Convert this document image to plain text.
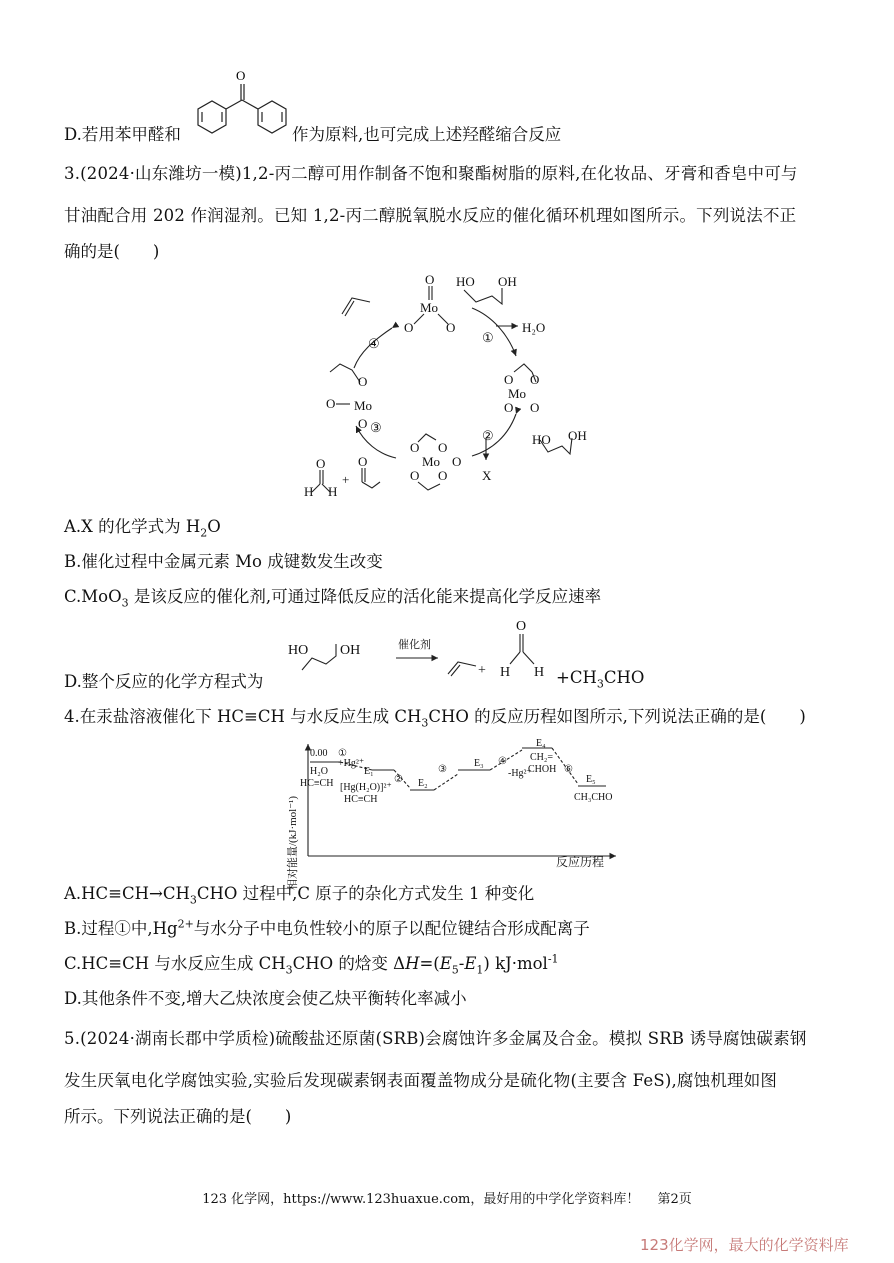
D.若用苯甲醛和
O
作为原料,也可完成上述羟醛缩合反应
3.(2024·山东潍坊一模)1,2-丙二醇可用作制备不饱和聚酯树脂的原料,在化妆品、牙膏和香皂中可与
甘油配合用 202 作润湿剂。已知 1,2-丙二醇脱氧脱水反应的催化循环机理如图所示。下列说法不正
确的是(　　)
O
Mo
O	O
HO OH
H₂O
①
④
②
③
O O
Mo
O O
O
O Mo
O
O O
Mo O
O O	X
HO OH
O
H H
+
O
A.X 的化学式为 $H_2O$
B.催化过程中金属元素 Mo 成键数发生改变
C.MoO$_3$ 是该反应的催化剂,可通过降低反应的活化能来提高化学反应速率
D.整个反应的化学方程式为
HO OH	催化剂
+
O
H $H +CH_3CHO$
4.在汞盐溶液催化下 HC≡CH 与水反应生成 $CH_3CHO$ 的反应历程如图所示,下列说法正确的是(　　)
相对能量/(kJ·mol⁻¹)	反应历程
0.00
H₂O
HC≡CH
①
+Hg²⁺
E₁
[Hg(H₂O)]²⁺
HC≡CH
② E₂
③
E₃ ④
-Hg²⁺
E₄
CH₂=
CHOH ⑤
E₅
CH₃CHO
$A.HC\equiv CH\to CH_3CHO$ 过程中,C 原子的杂化方式发生 1 种变化
B.过程①中$,Hg^{2+}$与水分子中电负性较小的原子以配位键结合形成配离子
C.HC≡CH 与水反应生成 $CH_3CHO$ 的焓变 $\Delta H=(E_5-E_1)$ kJ·mol$^{-1}$
D.其他条件不变,增大乙炔浓度会使乙炔平衡转化率减小
5.(2024·湖南长郡中学质检)硫酸盐还原菌(SRB)会腐蚀许多金属及合金。模拟 SRB 诱导腐蚀碳素钢
发生厌氧电化学腐蚀实验,实验后发现碳素钢表面覆盖物成分是硫化物(主要含 FeS),腐蚀机理如图
所示。下列说法正确的是(　　)
123 化学网，https://www.123huaxue.com，最好用的中学化学资料库！ 第2页
123化学网，最大的化学资料库
